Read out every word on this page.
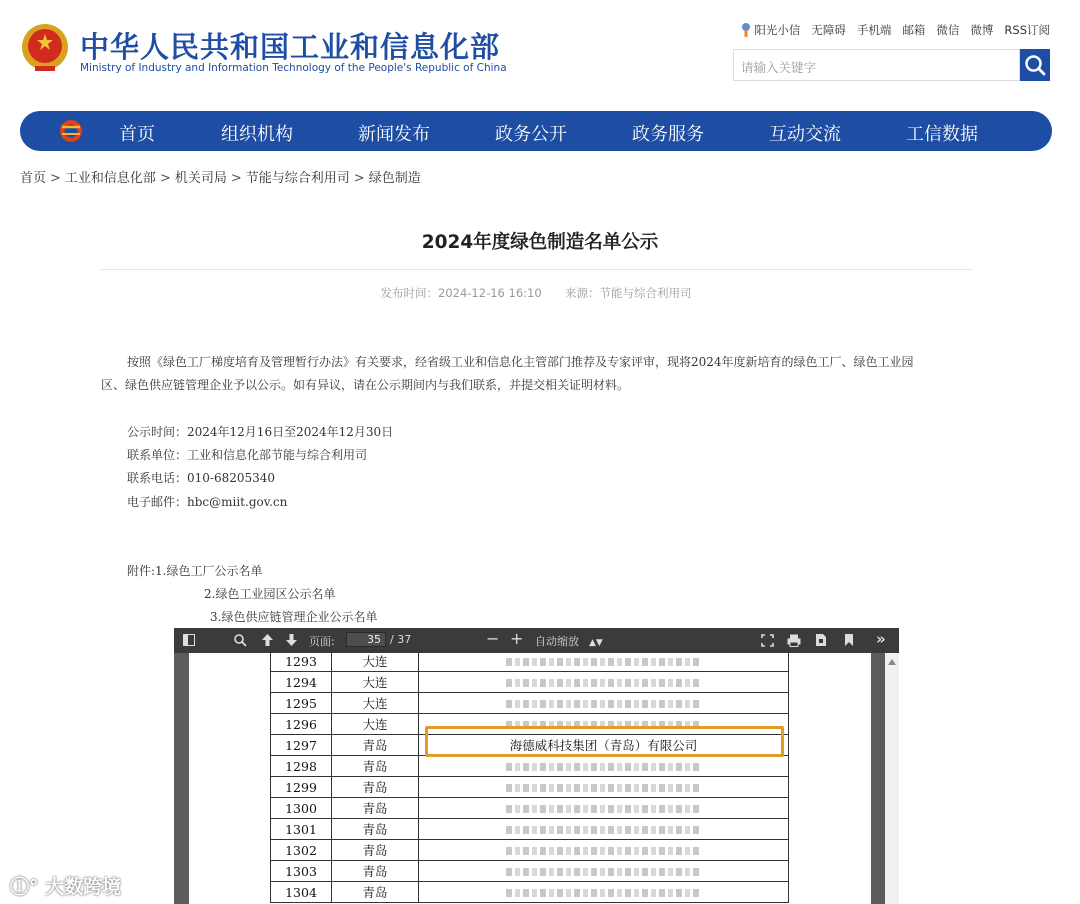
中华人民共和国工业和信息化部
Ministry of Industry and Information Technology of the People's Republic of China
阳光小信 无障碍 手机端 邮箱 微信 微博 RSS订阅
请输入关键字
首页	组织机构	新闻发布	政务公开	政务服务	互动交流	工信数据
首页 > 工业和信息化部 > 机关司局 > 节能与综合利用司 > 绿色制造
2024年度绿色制造名单公示
发布时间：2024-12-16 16:10 来源：节能与综合利用司
按照《绿色工厂梯度培育及管理暂行办法》有关要求，经省级工业和信息化主管部门推荐及专家评审，现将2024年度新培育的绿色工厂、绿色工业园
区、绿色供应链管理企业予以公示。如有异议，请在公示期间内与我们联系，并提交相关证明材料。
公示时间：2024年12月16日至2024年12月30日
联系单位：工业和信息化部节能与综合利用司
联系电话：010-68205340
电子邮件：hbc@miit.gov.cn
附件:1.绿色工厂公示名单
2.绿色工业园区公示名单
3.绿色供应链管理企业公示名单
页面:	35 / 37	− + 自动缩放 ▲▼	»
1293	大连	
1294	大连	
1295	大连	
1296	大连	
1297	青岛	海德威科技集团（青岛）有限公司
1298	青岛	
1299	青岛	
1300	青岛	
1301	青岛	
1302	青岛	
1303	青岛	
1304	青岛	
ⓛ° 大数跨境
